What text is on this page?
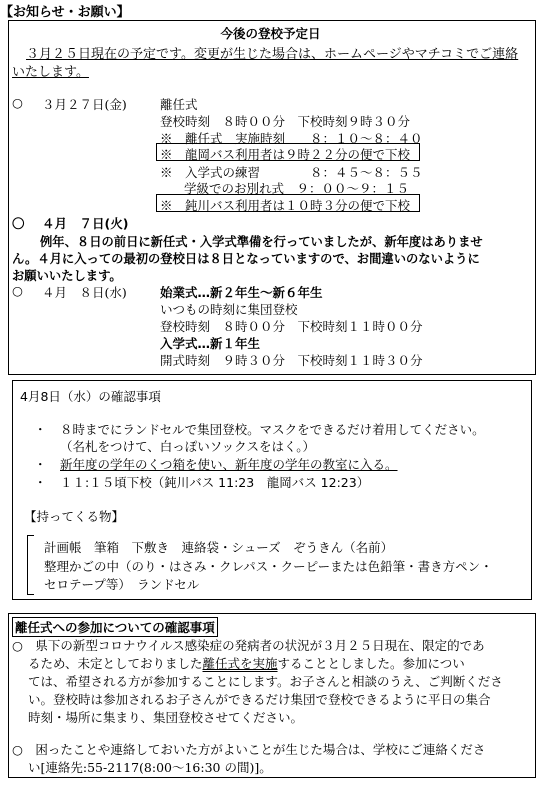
【お知らせ・お願い】
今後の登校予定日
３月２５日現在の予定です。変更が生じた場合は、ホームページやマチコミでご連絡
いたします。
○ ３月２７日(金)	離任式
登校時刻　８時００分　下校時刻９時３０分
※　離任式　実施時刻　　８：１０～８：４０
※　龍岡バス利用者は９時２２分の便で下校
※　入学式の練習　　　　８：４５～８：５５
学級でのお別れ式　９：００～９：１５
※　鈍川バス利用者は１０時３分の便で下校
〇 ４月　７日(火)
例年、８日の前日に新任式・入学式準備を行っていましたが、新年度はありませ
ん。４月に入っての最初の登校日は８日となっていますので、お間違いのないように
お願いいたします。
○ ４月　８日(水)	始業式…新２年生～新６年生
いつもの時刻に集団登校
登校時刻　８時００分　下校時刻１１時００分
入学式…新１年生
開式時刻　９時３０分　下校時刻１１時３０分
4月8日（水）の確認事項
・ ８時までにランドセルで集団登校。マスクをできるだけ着用してください。
（名札をつけて、白っぽいソックスをはく。）
・ 新年度の学年のくつ箱を使い、新年度の学年の教室に入る。
・ １１:１５頃下校（鈍川バス 11:23　龍岡バス 12:23）
【持ってくる物】
計画帳　筆箱　下敷き　連絡袋・シューズ　ぞうきん（名前）
整理かごの中（のり・はさみ・クレパス・クーピーまたは色鉛筆・書き方ペン・
セロテープ等）　ランドセル
離任式への参加についての確認事項
○　県下の新型コロナウイルス感染症の発病者の状況が３月２５日現在、限定的であ
るため、未定としておりました離任式を実施することとしました。参加につい
ては、希望される方が参加することにします。お子さんと相談のうえ、ご判断くださ
い。登校時は参加されるお子さんができるだけ集団で登校できるように平日の集合
時刻・場所に集まり、集団登校させてください。
○　困ったことや連絡しておいた方がよいことが生じた場合は、学校にご連絡くださ
い[連絡先:55-2117(8:00～16:30 の間)]。
